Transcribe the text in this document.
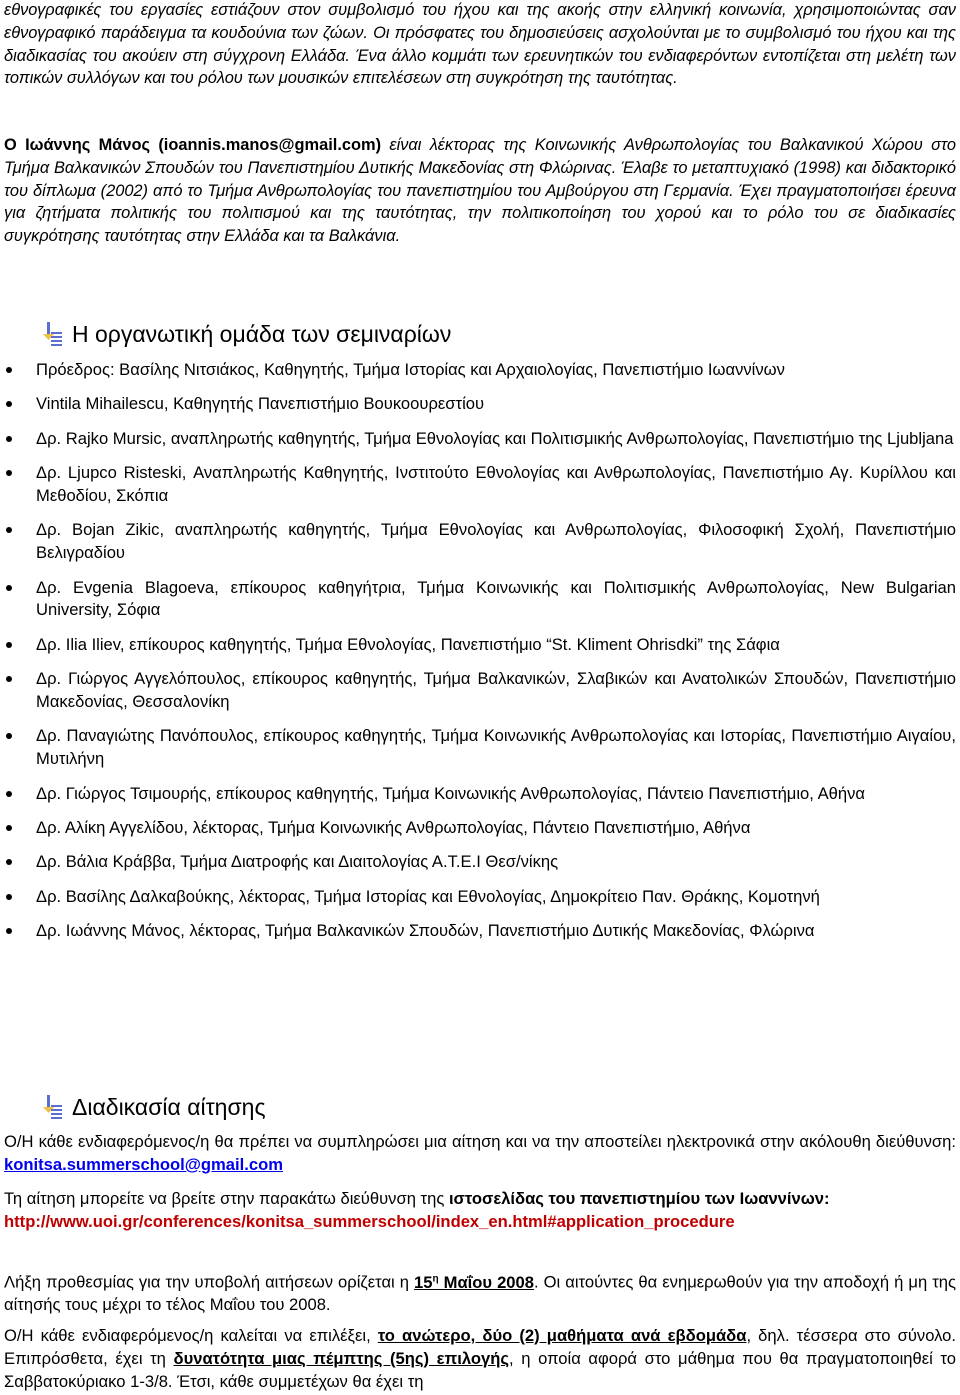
εθνογραφικές του εργασίες εστιάζουν στον συμβολισμό του ήχου και της ακοής στην ελληνική κοινωνία, χρησιμοποιώντας σαν εθνογραφικό παράδειγμα τα κουδούνια των ζώων. Οι πρόσφατες του δημοσιεύσεις ασχολούνται με το συμβολισμό του ήχου και της διαδικασίας του ακούειν στη σύγχρονη Ελλάδα. Ένα άλλο κομμάτι των ερευνητικών του ενδιαφερόντων εντοπίζεται στη μελέτη των τοπικών συλλόγων και του ρόλου των μουσικών επιτελέσεων στη συγκρότηση της ταυτότητας.

Ο Ιωάννης Μάνος (ioannis.manos@gmail.com) είναι λέκτορας της Κοινωνικής Ανθρωπολογίας του Βαλκανικού Χώρου στο Τμήμα Βαλκανικών Σπουδών του Πανεπιστημίου Δυτικής Μακεδονίας στη Φλώρινας. Έλαβε το μεταπτυχιακό (1998) και διδακτορικό του δίπλωμα (2002) από το Τμήμα Ανθρωπολογίας του πανεπιστημίου του Αμβούργου στη Γερμανία. Έχει πραγματοποιήσει έρευνα για ζητήματα πολιτικής του πολιτισμού και της ταυτότητας, την πολιτικοποίηση του χορού και το ρόλο του σε διαδικασίες συγκρότησης ταυτότητας στην Ελλάδα και τα Βαλκάνια.

Η οργανωτική ομάδα των σεμιναρίων
Πρόεδρος: Βασίλης Νιτσιάκος, Καθηγητής, Τμήμα Ιστορίας και Αρχαιολογίας, Πανεπιστήμιο Ιωαννίνων
Vintila Mihailescu, Καθηγητής Πανεπιστήμιο Βουκοουρεστίου
Δρ. Rajko Mursic, αναπληρωτής καθηγητής, Τμήμα Εθνολογίας και Πολιτισμικής Ανθρωπολογίας, Πανεπιστήμιο της Ljubljana
Δρ. Ljupco Risteski, Αναπληρωτής Καθηγητής, Ινστιτούτο Εθνολογίας και Ανθρωπολογίας, Πανεπιστήμιο Αγ. Κυρίλλου και Μεθοδίου, Σκόπια
Δρ. Bojan Zikic, αναπληρωτής καθηγητής, Τμήμα Εθνολογίας και Ανθρωπολογίας, Φιλοσοφική Σχολή, Πανεπιστήμιο Βελιγραδίου
Δρ. Evgenia Blagoeva, επίκουρος καθηγήτρια, Τμήμα Κοινωνικής και Πολιτισμικής Ανθρωπολογίας, New Bulgarian University, Σόφια
Δρ. Ilia Iliev, επίκουρος καθηγητής, Τμήμα Εθνολογίας, Πανεπιστήμιο “St. Kliment Ohrisdki” της Σάφια
Δρ. Γιώργος Αγγελόπουλος, επίκουρος καθηγητής, Τμήμα Βαλκανικών, Σλαβικών και Ανατολικών Σπουδών, Πανεπιστήμιο Μακεδονίας, Θεσσαλονίκη
Δρ. Παναγιώτης Πανόπουλος, επίκουρος καθηγητής, Τμήμα Κοινωνικής Ανθρωπολογίας και Ιστορίας, Πανεπιστήμιο Αιγαίου, Μυτιλήνη
Δρ. Γιώργος Τσιμουρής, επίκουρος καθηγητής, Τμήμα Κοινωνικής Ανθρωπολογίας, Πάντειο Πανεπιστήμιο, Αθήνα
Δρ. Αλίκη Αγγελίδου, λέκτορας, Τμήμα Κοινωνικής Ανθρωπολογίας, Πάντειο Πανεπιστήμιο, Αθήνα
Δρ. Βάλια Κράββα, Τμήμα Διατροφής και Διαιτολογίας Α.Τ.Ε.Ι Θεσ/νίκης
Δρ. Βασίλης Δαλκαβούκης, λέκτορας, Τμήμα Ιστορίας και Εθνολογίας, Δημοκρίτειο Παν. Θράκης, Κομοτηνή
Δρ. Ιωάννης Μάνος, λέκτορας, Τμήμα Βαλκανικών Σπουδών, Πανεπιστήμιο Δυτικής Μακεδονίας, Φλώρινα
Διαδικασία αίτησης

Ο/Η κάθε ενδιαφερόμενος/η θα πρέπει να συμπληρώσει μια αίτηση και να την αποστείλει ηλεκτρονικά στην ακόλουθη διεύθυνση: konitsa.summerschool@gmail.com

Τη αίτηση μπορείτε να βρείτε στην παρακάτω διεύθυνση της ιστοσελίδας του πανεπιστημίου των Ιωαννίνων:
http://www.uoi.gr/conferences/konitsa_summerschool/index_en.html#application_procedure

Λήξη προθεσμίας για την υποβολή αιτήσεων ορίζεται η $15^\eta$ Μαΐου 2008. Οι αιτούντες θα ενημερωθούν για την αποδοχή ή μη της αίτησής τους μέχρι το τέλος Μαΐου του 2008.

Ο/Η κάθε ενδιαφερόμενος/η καλείται να επιλέξει, το ανώτερο, δύο (2) μαθήματα ανά εβδομάδα, δηλ. τέσσερα στο σύνολο. Επιπρόσθετα, έχει τη δυνατότητα μιας πέμπτης (5ης) επιλογής, η οποία αφορά στο μάθημα που θα πραγματοποιηθεί το Σαββατοκύριακο 1-3/8. Έτσι, κάθε συμμετέχων θα έχει τη
